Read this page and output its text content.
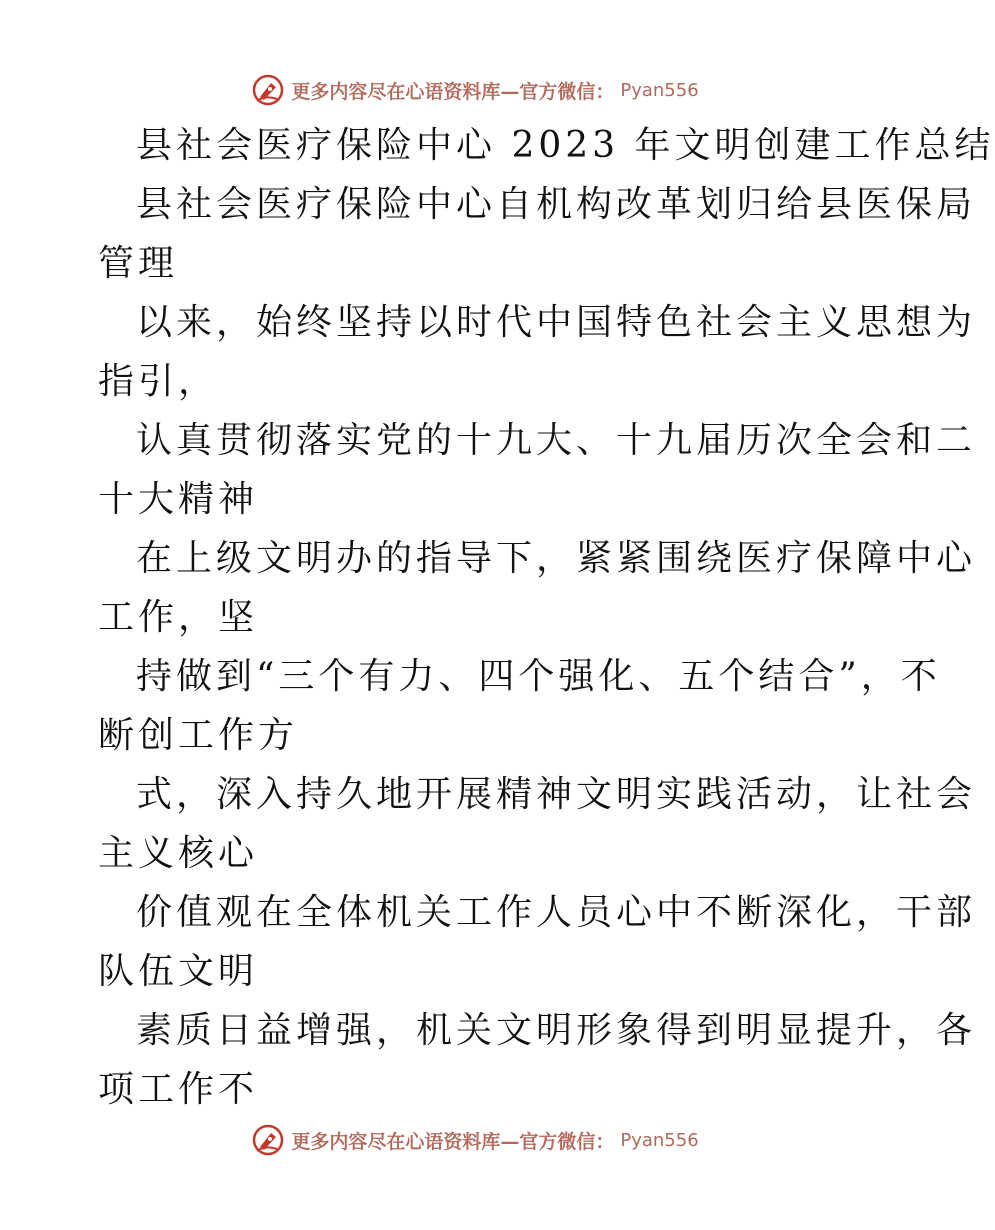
更多内容尽在心语资料库—官方微信： Pyan556
县社会医疗保险中心 2023 年文明创建工作总结
县社会医疗保险中心自机构改革划归给县医保局
管理
以来，始终坚持以时代中国特色社会主义思想为
指引，
认真贯彻落实党的十九大、十九届历次全会和二
十大精神
在上级文明办的指导下，紧紧围绕医疗保障中心
工作，坚
持做到“三个有力、四个强化、五个结合”，不
断创工作方
式，深入持久地开展精神文明实践活动，让社会
主义核心
价值观在全体机关工作人员心中不断深化，干部
队伍文明
素质日益增强，机关文明形象得到明显提升，各
项工作不
更多内容尽在心语资料库—官方微信： Pyan556
